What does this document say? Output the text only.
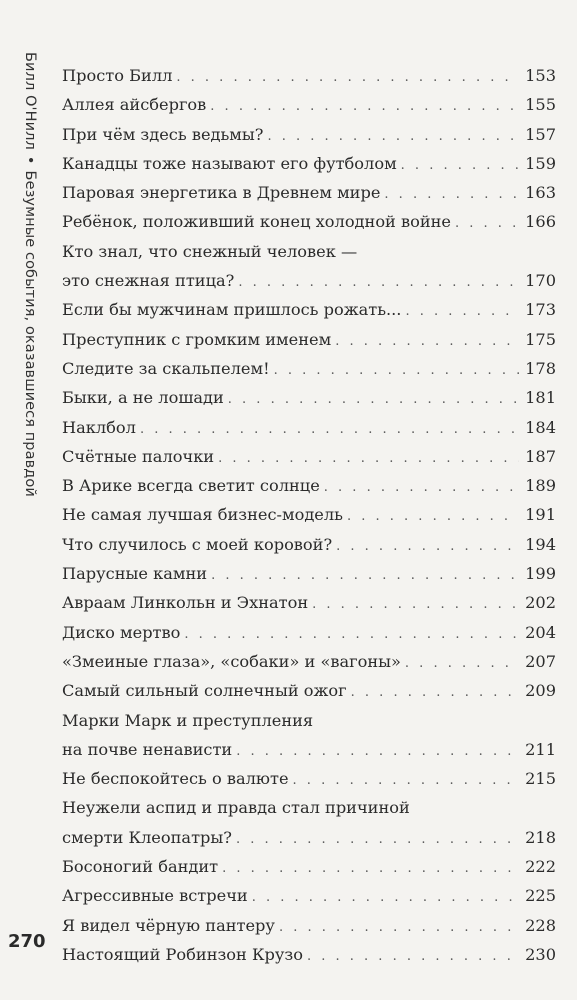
Билл О'Нилл•Безумные события, оказавшиеся правдой
270
Просто Билл . . .	153
Аллея айсбергов . . .	155
При чём здесь ведьмы? . . .	157
Канадцы тоже называют его футболом . . .	159
Паровая энергетика в Древнем мире . . .	163
Ребёнок, положивший конец холодной войне . . .	166
Кто знал, что снежный человек —
это снежная птица? . . .	170
Если бы мужчинам пришлось рожать... . . .	173
Преступник с громким именем . . .	175
Следите за скальпелем! . . .	178
Быки, а не лошади . . .	181
Наклбол . . .	184
Счётные палочки . . .	187
В Арике всегда светит солнце . . .	189
Не самая лучшая бизнес-модель . . .	191
Что случилось с моей коровой? . . .	194
Парусные камни . . .	199
Авраам Линкольн и Эхнатон . . .	202
Диско мертво . . .	204
«Змеиные глаза», «собаки» и «вагоны» . . .	207
Самый сильный солнечный ожог . . .	209
Марки Марк и преступления
на почве ненависти . . .	211
Не беспокойтесь о валюте . . .	215
Неужели аспид и правда стал причиной
смерти Клеопатры? . . .	218
Босоногий бандит . . .	222
Агрессивные встречи . . .	225
Я видел чёрную пантеру . . .	228
Настоящий Робинзон Крузо . . .	230
